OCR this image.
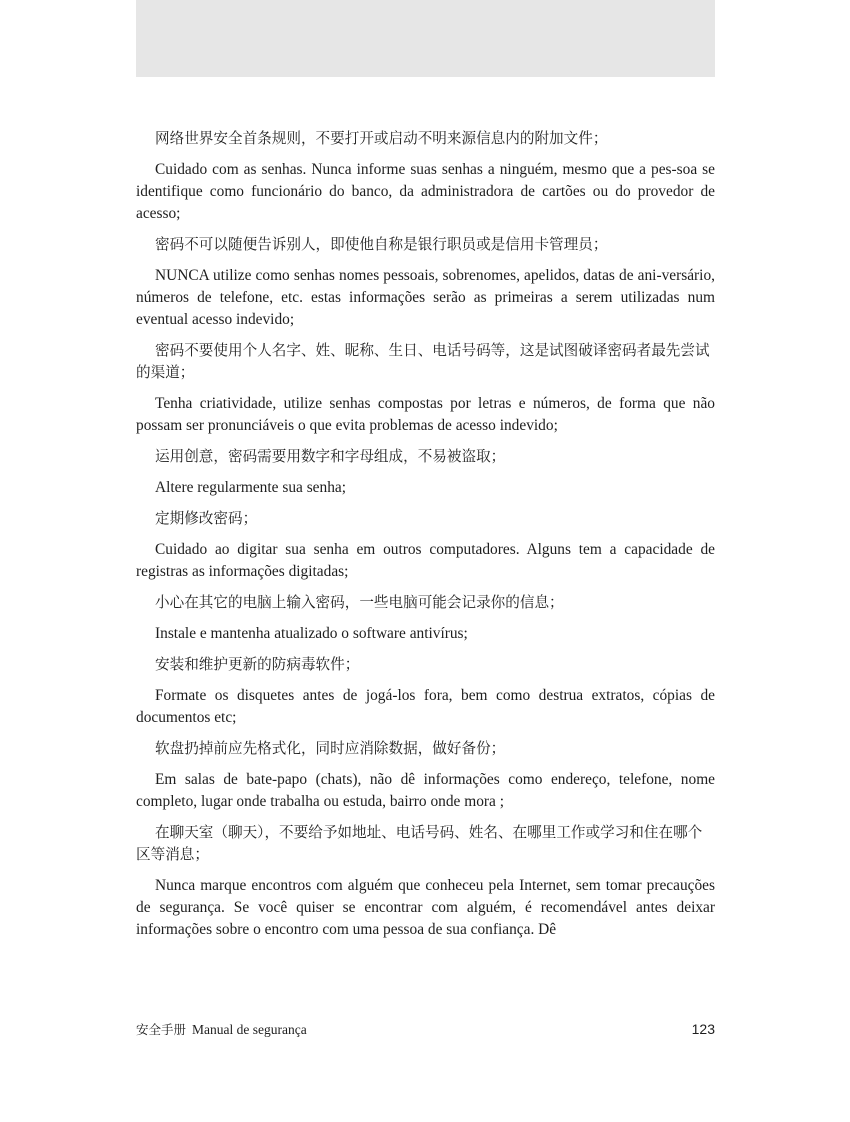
网络世界安全首条规则，不要打开或启动不明来源信息内的附加文件；

Cuidado com as senhas. Nunca informe suas senhas a ninguém, mesmo que a pes-soa se identifique como funcionário do banco, da administradora de cartões ou do provedor de acesso;

密码不可以随便告诉别人，即使他自称是银行职员或是信用卡管理员；

NUNCA utilize como senhas nomes pessoais, sobrenomes, apelidos, datas de ani-versário, números de telefone, etc. estas informações serão as primeiras a serem utilizadas num eventual acesso indevido;

密码不要使用个人名字、姓、昵称、生日、电话号码等，这是试图破译密码者最先尝试的渠道；

Tenha criatividade, utilize senhas compostas por letras e números, de forma que não possam ser pronunciáveis o que evita problemas de acesso indevido;

运用创意，密码需要用数字和字母组成，不易被盗取；

Altere regularmente sua senha;

定期修改密码；

Cuidado ao digitar sua senha em outros computadores. Alguns tem a capacidade de registras as informações digitadas;

小心在其它的电脑上输入密码，一些电脑可能会记录你的信息；

Instale e mantenha atualizado o software antivírus;

安装和维护更新的防病毒软件；

Formate os disquetes antes de jogá-los fora, bem como destrua extratos, cópias de documentos etc;

软盘扔掉前应先格式化，同时应消除数据，做好备份；

Em salas de bate-papo (chats), não dê informações como endereço, telefone, nome completo, lugar onde trabalha ou estuda, bairro onde mora ;

在聊天室（聊天），不要给予如地址、电话号码、姓名、在哪里工作或学习和住在哪个区等消息；

Nunca marque encontros com alguém que conheceu pela Internet, sem tomar precauções de segurança. Se você quiser se encontrar com alguém, é recomendável antes deixar informações sobre o encontro com uma pessoa de sua confiança. Dê

安全手册 Manual de segurança	123
